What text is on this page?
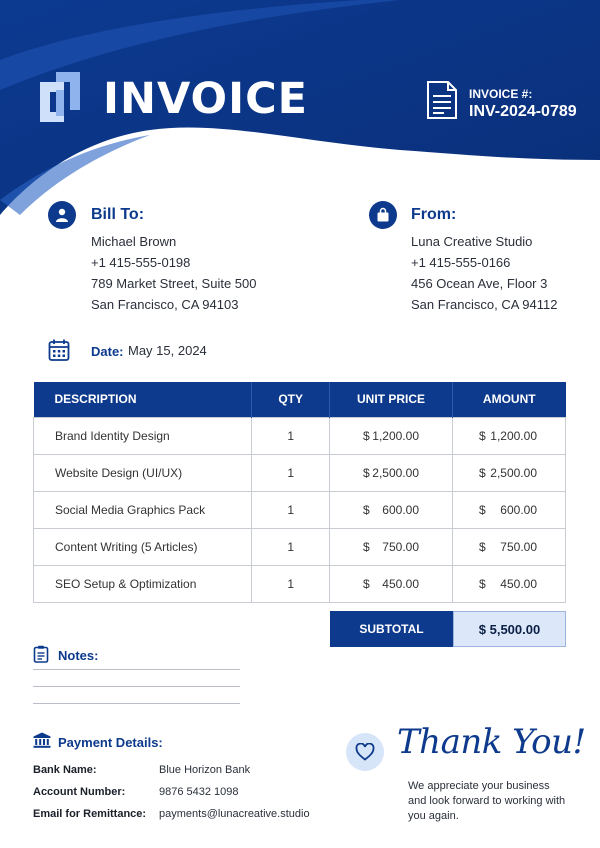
INVOICE	INVOICE #:
INV-2024-0789
Bill To:
Michael Brown
+1 415-555-0198
789 Market Street, Suite 500
San Francisco, CA 94103
From:
Luna Creative Studio
+1 415-555-0166
456 Ocean Ave, Floor 3
San Francisco, CA 94112
Date: May 15, 2024
DESCRIPTION	QTY	UNIT PRICE	AMOUNT
Brand Identity Design	1	$ 1,200.00	$ 1,200.00

Website Design (UI/UX)	1	$ 2,500.00	$ 2,500.00

Social Media Graphics Pack	1	$ 600.00	$ 600.00

Content Writing (5 Articles)	1	$ 750.00	$ 750.00

SEO Setup & Optimization	1	$ 450.00	$ 450.00
SUBTOTAL	$ 5,500.00
Notes:
Payment Details:
Bank Name:	Blue Horizon Bank
Account Number:	9876 5432 1098
Email for Remittance: payments@lunacreative.studio
Thank You!
We appreciate your business and look forward to working with you again.
